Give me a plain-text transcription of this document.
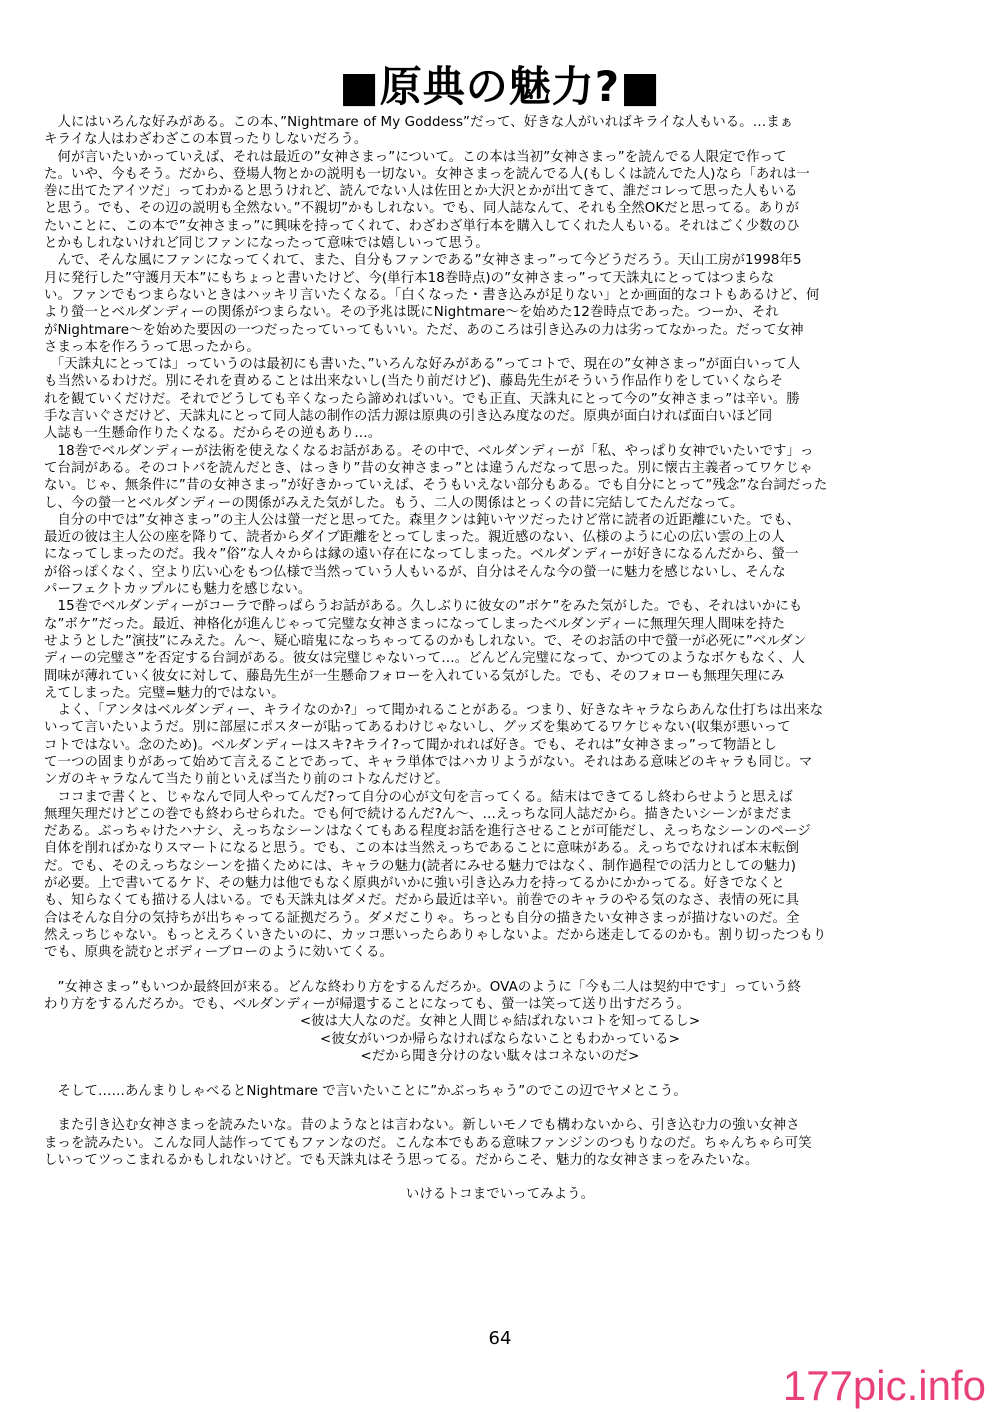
■原典の魅力?■
　人にはいろんな好みがある。この本、”Nightmare of My Goddess”だって、好きな人がいればキライな人もいる。…まぁ
キライな人はわざわざこの本買ったりしないだろう。
　何が言いたいかっていえば、それは最近の”女神さまっ”について。この本は当初”女神さまっ”を読んでる人限定で作って
た。いや、今もそう。だから、登場人物とかの説明も一切ない。女神さまっを読んでる人(もしくは読んでた人)なら「あれは一
巻に出てたアイツだ」ってわかると思うけれど、読んでない人は佐田とか大沢とかが出てきて、誰だコレって思った人もいる
と思う。でも、その辺の説明も全然ない。”不親切”かもしれない。でも、同人誌なんて、それも全然OKだと思ってる。ありが
たいことに、この本で”女神さまっ”に興味を持ってくれて、わざわざ単行本を購入してくれた人もいる。それはごく少数のひ
とかもしれないけれど同じファンになったって意味では嬉しいって思う。
　んで、そんな風にファンになってくれて、また、自分もファンである”女神さまっ”って今どうだろう。天山工房が1998年5
月に発行した”守護月天本”にもちょっと書いたけど、今(単行本18巻時点)の”女神さまっ”って天誅丸にとってはつまらな
い。ファンでもつまらないときはハッキリ言いたくなる。「白くなった・書き込みが足りない」とか画面的なコトもあるけど、何
より螢一とベルダンディーの関係がつまらない。その予兆は既にNightmare〜を始めた12巻時点であった。つーか、それ
がNightmare〜を始めた要因の一つだったっていってもいい。ただ、あのころは引き込みの力は劣ってなかった。だって女神
さまっ本を作ろうって思ったから。
　「天誅丸にとっては」っていうのは最初にも書いた、”いろんな好みがある”ってコトで、現在の”女神さまっ”が面白いって人
も当然いるわけだ。別にそれを責めることは出来ないし(当たり前だけど)、藤島先生がそういう作品作りをしていくならそ
れを観ていくだけだ。それでどうしても辛くなったら諦めればいい。でも正直、天誅丸にとって今の”女神さまっ”は辛い。勝
手な言いぐさだけど、天誅丸にとって同人誌の制作の活力源は原典の引き込み度なのだ。原典が面白ければ面白いほど同
人誌も一生懸命作りたくなる。だからその逆もあり…。
　18巻でベルダンディーが法術を使えなくなるお話がある。その中で、ベルダンディーが「私、やっぱり女神でいたいです」っ
て台詞がある。そのコトバを読んだとき、はっきり”昔の女神さまっ”とは違うんだなって思った。別に懐古主義者ってワケじゃ
ない。じゃ、無条件に”昔の女神さまっ”が好きかっていえば、そうもいえない部分もある。でも自分にとって”残念”な台詞だった
し、今の螢一とベルダンディーの関係がみえた気がした。もう、二人の関係はとっくの昔に完結してたんだなって。
　自分の中では”女神さまっ”の主人公は螢一だと思ってた。森里クンは鈍いヤツだったけど常に読者の近距離にいた。でも、
最近の彼は主人公の座を降りて、読者からダイブ距離をとってしまった。親近感のない、仏様のように心の広い雲の上の人
になってしまったのだ。我々”俗”な人々からは縁の遠い存在になってしまった。ベルダンディーが好きになるんだから、螢一
が俗っぽくなく、空より広い心をもつ仏様で当然っていう人もいるが、自分はそんな今の螢一に魅力を感じないし、そんな
パーフェクトカップルにも魅力を感じない。
　15巻でベルダンディーがコーラで酔っぱらうお話がある。久しぶりに彼女の”ボケ”をみた気がした。でも、それはいかにも
な”ボケ”だった。最近、神格化が進んじゃって完璧な女神さまっになってしまったベルダンディーに無理矢理人間味を持た
せようとした”演技”にみえた。ん〜、疑心暗鬼になっちゃってるのかもしれない。で、そのお話の中で螢一が必死に”ベルダン
ディーの完璧さ”を否定する台詞がある。彼女は完璧じゃないって…。どんどん完璧になって、かつてのようなボケもなく、人
間味が薄れていく彼女に対して、藤島先生が一生懸命フォローを入れている気がした。でも、そのフォローも無理矢理にみ
えてしまった。完璧=魅力的ではない。
　よく、「アンタはベルダンディー、キライなのか?」って聞かれることがある。つまり、好きなキャラならあんな仕打ちは出来な
いって言いたいようだ。別に部屋にポスターが貼ってあるわけじゃないし、グッズを集めてるワケじゃない(収集が悪いって
コトではない。念のため)。ベルダンディーはスキ?キライ?って聞かれれば好き。でも、それは”女神さまっ”って物語とし
て一つの固まりがあって始めて言えることであって、キャラ単体ではハカリようがない。それはある意味どのキャラも同じ。マ
ンガのキャラなんて当たり前といえば当たり前のコトなんだけど。
　ココまで書くと、じゃなんで同人やってんだ?って自分の心が文句を言ってくる。結末はできてるし終わらせようと思えば
無理矢理だけどこの巻でも終わらせられた。でも何で続けるんだ?ん〜、…えっちな同人誌だから。描きたいシーンがまだま
だある。ぶっちゃけたハナシ、えっちなシーンはなくてもある程度お話を進行させることが可能だし、えっちなシーンのページ
自体を削ればかなりスマートになると思う。でも、この本は当然えっちであることに意味がある。えっちでなければ本末転倒
だ。でも、そのえっちなシーンを描くためには、キャラの魅力(読者にみせる魅力ではなく、制作過程での活力としての魅力)
が必要。上で書いてるケド、その魅力は他でもなく原典がいかに強い引き込み力を持ってるかにかかってる。好きでなくと
も、知らなくても描ける人はいる。でも天誅丸はダメだ。だから最近は辛い。前巻でのキャラのやる気のなさ、表情の死に具
合はそんな自分の気持ちが出ちゃってる証拠だろう。ダメだこりゃ。ちっとも自分の描きたい女神さまっが描けないのだ。全
然えっちじゃない。もっとえろくいきたいのに、カッコ悪いったらありゃしないよ。だから迷走してるのかも。割り切ったつもり
でも、原典を読むとボディーブローのように効いてくる。
　”女神さまっ”もいつか最終回が来る。どんな終わり方をするんだろか。OVAのように「今も二人は契約中です」っていう終
わり方をするんだろか。でも、ベルダンディーが帰還することになっても、螢一は笑って送り出すだろう。
<彼は大人なのだ。女神と人間じゃ結ばれないコトを知ってるし>
<彼女がいつか帰らなければならないこともわかっている>
<だから聞き分けのない駄々はコネないのだ>
　そして……あんまりしゃべるとNightmare で言いたいことに”かぶっちゃう”のでこの辺でヤメとこう。
　また引き込む女神さまっを読みたいな。昔のようなとは言わない。新しいモノでも構わないから、引き込む力の強い女神さ
まっを読みたい。こんな同人誌作っててもファンなのだ。こんな本でもある意味ファンジンのつもりなのだ。ちゃんちゃら可笑
しいってツっこまれるかもしれないけど。でも天誅丸はそう思ってる。だからこそ、魅力的な女神さまっをみたいな。
いけるトコまでいってみよう。
64
177pic.info
